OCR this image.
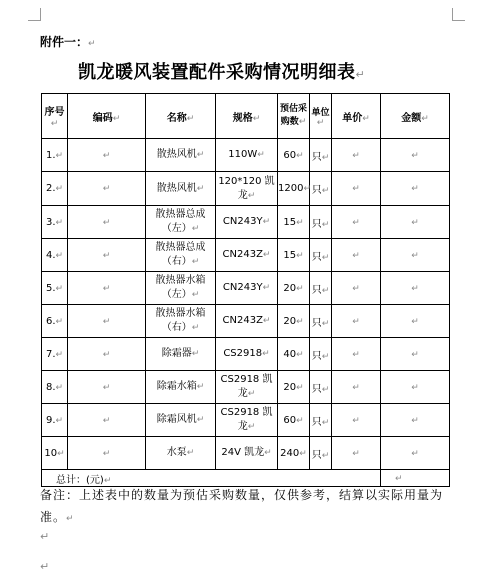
附件一：↵
凯龙暖风装置配件采购情况明细表↵
序号↵	编码↵	名称↵	规格↵	预估采购数↵	单位↵	单价↵	金额↵
1.↵	↵	散热风机↵	110W↵	60↵	只↵	↵	↵
2.↵	↵	散热风机↵	120*120 凯龙↵	1200↵	只↵	↵	↵
3.↵	↵	散热器总成（左）↵	CN243Y↵	15↵	只↵	↵	↵
4.↵	↵	散热器总成（右）↵	CN243Z↵	15↵	只↵	↵	↵
5.↵	↵	散热器水箱（左）↵	CN243Y↵	20↵	只↵	↵	↵
6.↵	↵	散热器水箱（右）↵	CN243Z↵	20↵	只↵	↵	↵
7.↵	↵	除霜器↵	CS2918↵	40↵	只↵	↵	↵
8.↵	↵	除霜水箱↵	CS2918 凯龙↵	20↵	只↵	↵	↵
9.↵	↵	除霜风机↵	CS2918 凯龙↵	60↵	只↵	↵	↵
10↵	↵	水泵↵	24V 凯龙↵	240↵	只↵	↵	↵
总计：(元)↵							↵
备注：上述表中的数量为预估采购数量，仅供参考，结算以实际用量为准。↵
↵
↵
